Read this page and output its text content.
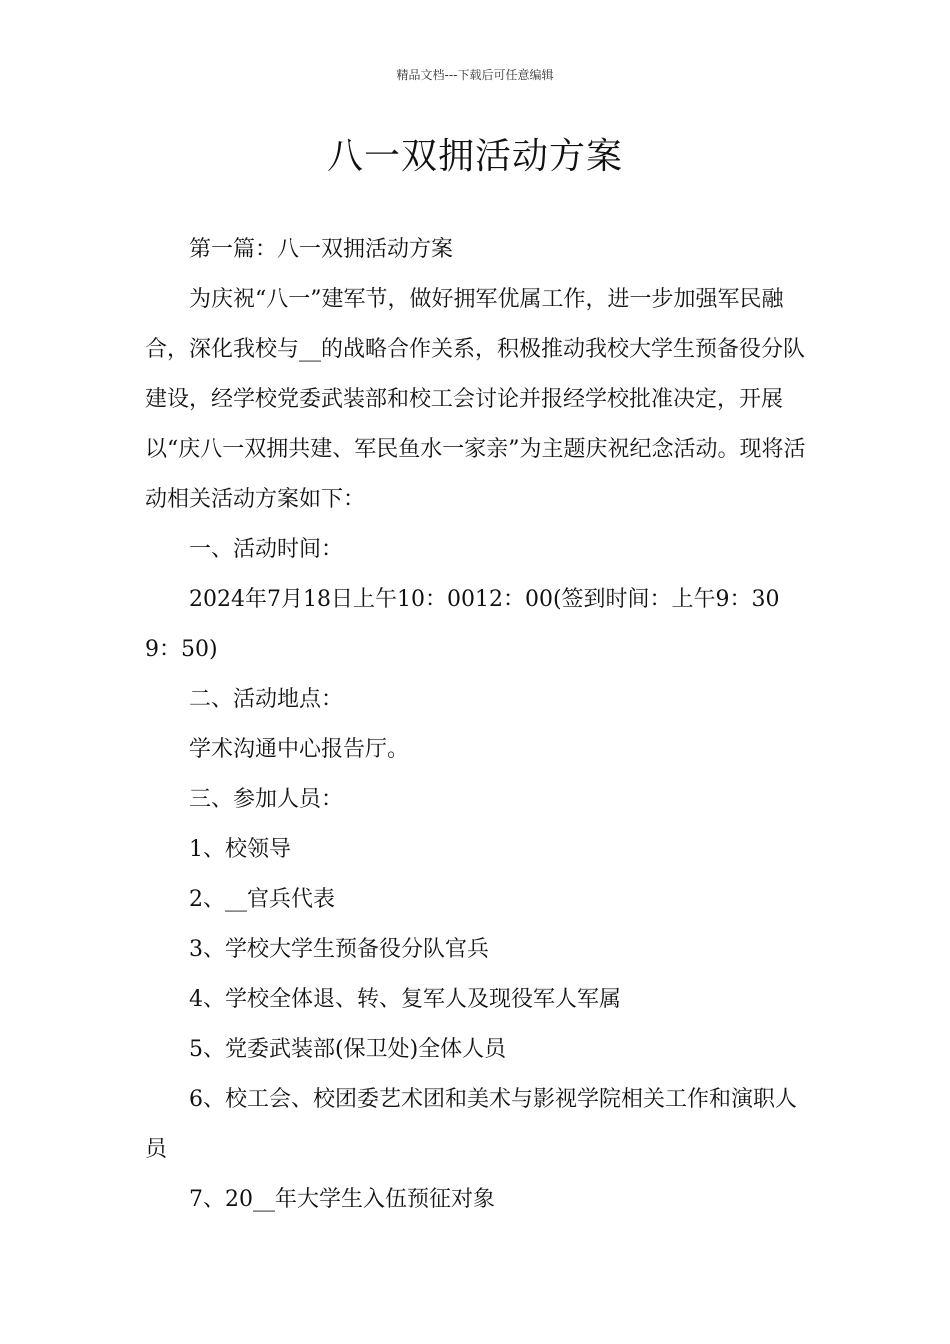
精品文档---下载后可任意编辑
八一双拥活动方案

第一篇：八一双拥活动方案

为庆祝“八一”建军节，做好拥军优属工作，进一步加强军民融合，深化我校与__的战略合作关系，积极推动我校大学生预备役分队建设，经学校党委武装部和校工会讨论并报经学校批准决定，开展以“庆八一双拥共建、军民鱼水一家亲”为主题庆祝纪念活动。现将活动相关活动方案如下：

一、活动时间：

2024年7月18日上午10：0012：00(签到时间：上午9：309：50)

二、活动地点：

学术沟通中心报告厅。

三、参加人员：

1、校领导

2、__官兵代表

3、学校大学生预备役分队官兵

4、学校全体退、转、复军人及现役军人军属

5、党委武装部(保卫处)全体人员

6、校工会、校团委艺术团和美术与影视学院相关工作和演职人员

7、20__年大学生入伍预征对象
